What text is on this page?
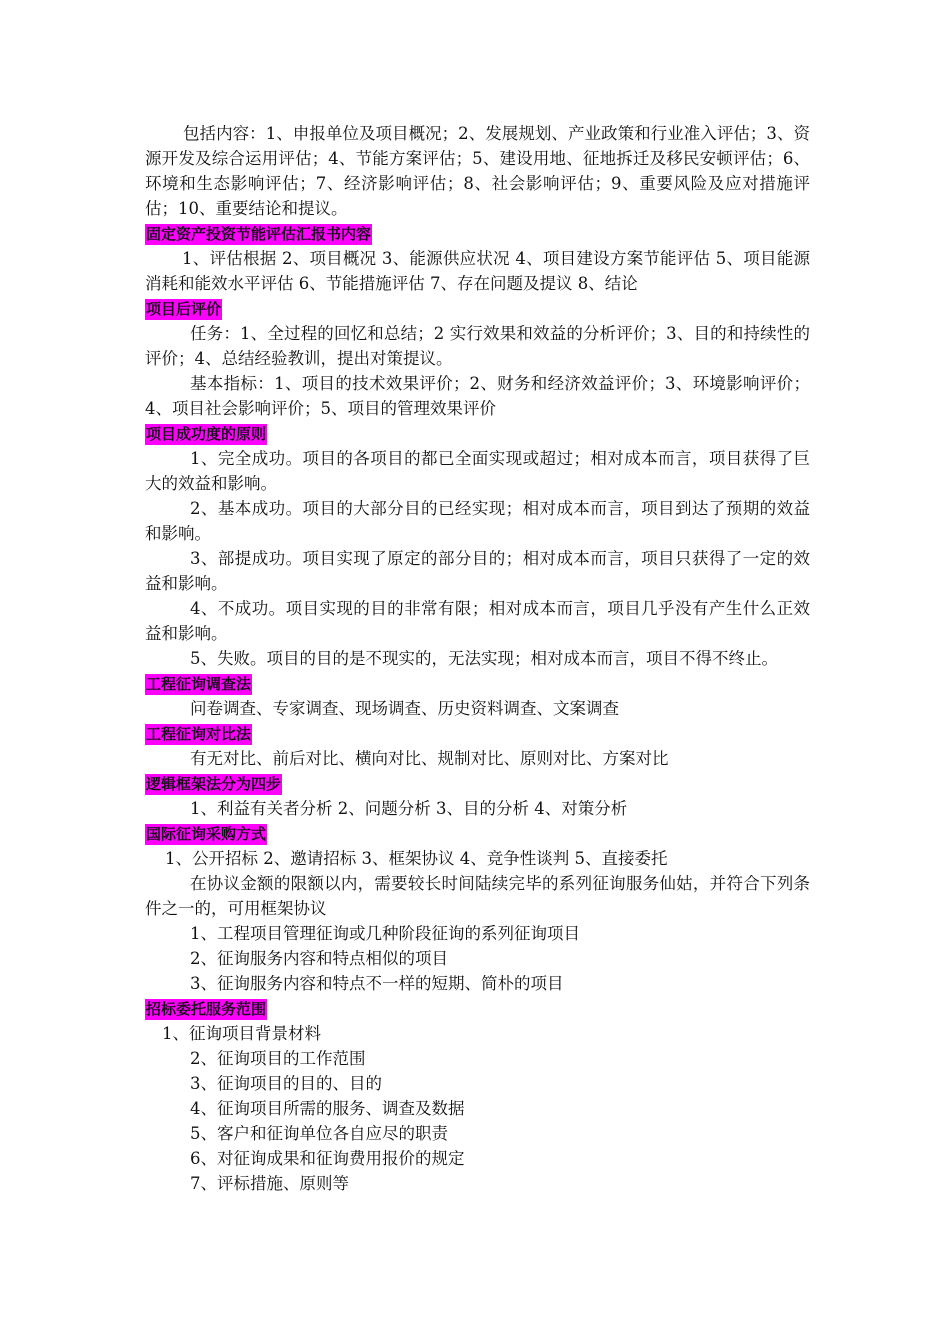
包括内容：1、申报单位及项目概况；2、发展规划、产业政策和行业准入评估；3、资源开发及综合运用评估；4、节能方案评估；5、建设用地、征地拆迁及移民安顿评估；6、环境和生态影响评估；7、经济影响评估；8、社会影响评估；9、重要风险及应对措施评估；10、重要结论和提议。

固定资产投资节能评估汇报书内容

1、评估根据 2、项目概况 3、能源供应状况 4、项目建设方案节能评估 5、项目能源消耗和能效水平评估 6、节能措施评估 7、存在问题及提议 8、结论

项目后评价

任务：1、全过程的回忆和总结；2 实行效果和效益的分析评价；3、目的和持续性的评价；4、总结经验教训，提出对策提议。

基本指标：1、项目的技术效果评价；2、财务和经济效益评价；3、环境影响评价；4、项目社会影响评价；5、项目的管理效果评价

项目成功度的原则

1、完全成功。项目的各项目的都已全面实现或超过；相对成本而言，项目获得了巨大的效益和影响。

2、基本成功。项目的大部分目的已经实现；相对成本而言，项目到达了预期的效益和影响。

3、部提成功。项目实现了原定的部分目的；相对成本而言，项目只获得了一定的效益和影响。

4、不成功。项目实现的目的非常有限；相对成本而言，项目几乎没有产生什么正效益和影响。

5、失败。项目的目的是不现实的，无法实现；相对成本而言，项目不得不终止。

工程征询调查法

问卷调查、专家调查、现场调查、历史资料调查、文案调查

工程征询对比法

有无对比、前后对比、横向对比、规制对比、原则对比、方案对比

逻辑框架法分为四步

1、利益有关者分析 2、问题分析 3、目的分析 4、对策分析

国际征询采购方式

1、公开招标 2、邀请招标 3、框架协议 4、竞争性谈判 5、直接委托

在协议金额的限额以内，需要较长时间陆续完毕的系列征询服务仙姑，并符合下列条件之一的，可用框架协议

1、工程项目管理征询或几种阶段征询的系列征询项目

2、征询服务内容和特点相似的项目

3、征询服务内容和特点不一样的短期、简朴的项目

招标委托服务范围

1、征询项目背景材料

2、征询项目的工作范围

3、征询项目的目的、目的

4、征询项目所需的服务、调查及数据

5、客户和征询单位各自应尽的职责

6、对征询成果和征询费用报价的规定

7、评标措施、原则等
